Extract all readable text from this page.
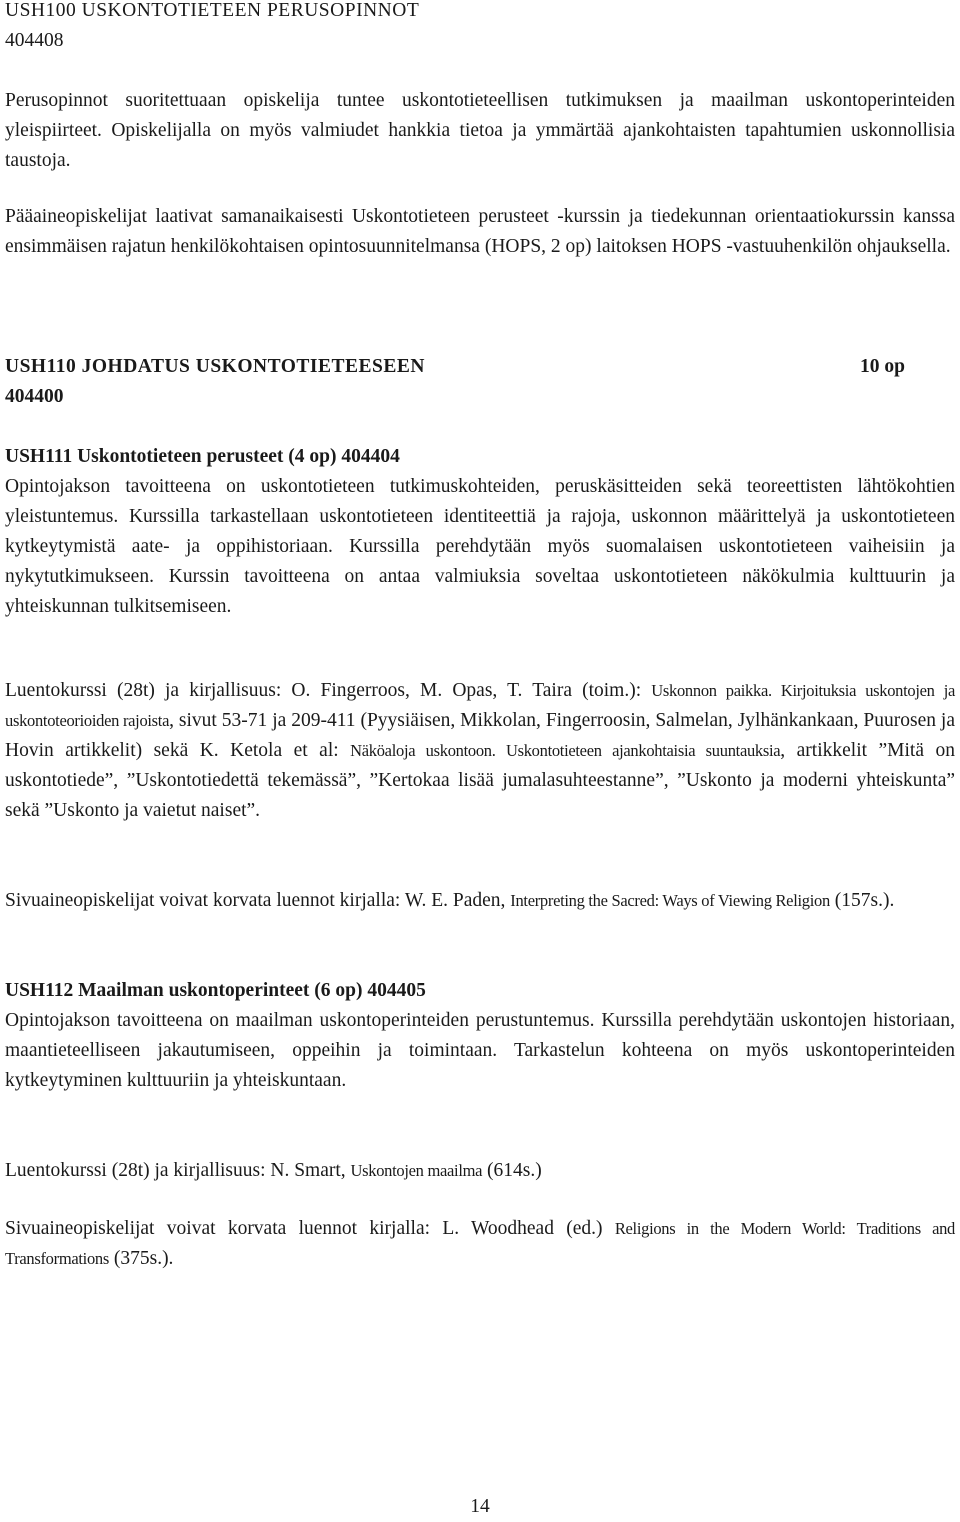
USH100 USKONTOTIETEEN PERUSOPINNOT
404408
Perusopinnot suoritettuaan opiskelija tuntee uskontotieteellisen tutkimuksen ja maailman uskontoperinteiden yleispiirteet. Opiskelijalla on myös valmiudet hankkia tietoa ja ymmärtää ajankohtaisten tapahtumien uskonnollisia taustoja.
Pääaineopiskelijat laativat samanaikaisesti Uskontotieteen perusteet -kurssin ja tiedekunnan orientaatiokurssin kanssa ensimmäisen rajatun henkilökohtaisen opintosuunnitelmansa (HOPS, 2 op) laitoksen HOPS -vastuuhenkilön ohjauksella.
USH110 JOHDATUS USKONTOTIETEESEEN	10 op
404400
USH111 Uskontotieteen perusteet (4 op) 404404
Opintojakson tavoitteena on uskontotieteen tutkimuskohteiden, peruskäsitteiden sekä teoreettisten lähtökohtien yleistuntemus. Kurssilla tarkastellaan uskontotieteen identiteettiä ja rajoja, uskonnon määrittelyä ja uskontotieteen kytkeytymistä aate- ja oppihistoriaan. Kurssilla perehdytään myös suomalaisen uskontotieteen vaiheisiin ja nykytutkimukseen. Kurssin tavoitteena on antaa valmiuksia soveltaa uskontotieteen näkökulmia kulttuurin ja yhteiskunnan tulkitsemiseen.
Luentokurssi (28t) ja kirjallisuus: O. Fingerroos, M. Opas, T. Taira (toim.): Uskonnon paikka. Kirjoituksia uskontojen ja uskontoteorioiden rajoista, sivut 53-71 ja 209-411 (Pyysiäisen, Mikkolan, Fingerroosin, Salmelan, Jylhänkankaan, Puurosen ja Hovin artikkelit) sekä K. Ketola et al: Näköaloja uskontoon. Uskontotieteen ajankohtaisia suuntauksia, artikkelit ”Mitä on uskontotiede”, ”Uskontotiedettä tekemässä”, ”Kertokaa lisää jumalasuhteestanne”, ”Uskonto ja moderni yhteiskunta” sekä ”Uskonto ja vaietut naiset”.
Sivuaineopiskelijat voivat korvata luennot kirjalla: W. E. Paden, Interpreting the Sacred: Ways of Viewing Religion (157s.).
USH112 Maailman uskontoperinteet (6 op) 404405
Opintojakson tavoitteena on maailman uskontoperinteiden perustuntemus. Kurssilla perehdytään uskontojen historiaan, maantieteelliseen jakautumiseen, oppeihin ja toimintaan. Tarkastelun kohteena on myös uskontoperinteiden kytkeytyminen kulttuuriin ja yhteiskuntaan.
Luentokurssi (28t) ja kirjallisuus: N. Smart, Uskontojen maailma (614s.)
Sivuaineopiskelijat voivat korvata luennot kirjalla: L. Woodhead (ed.) Religions in the Modern World: Traditions and Transformations (375s.).
14
